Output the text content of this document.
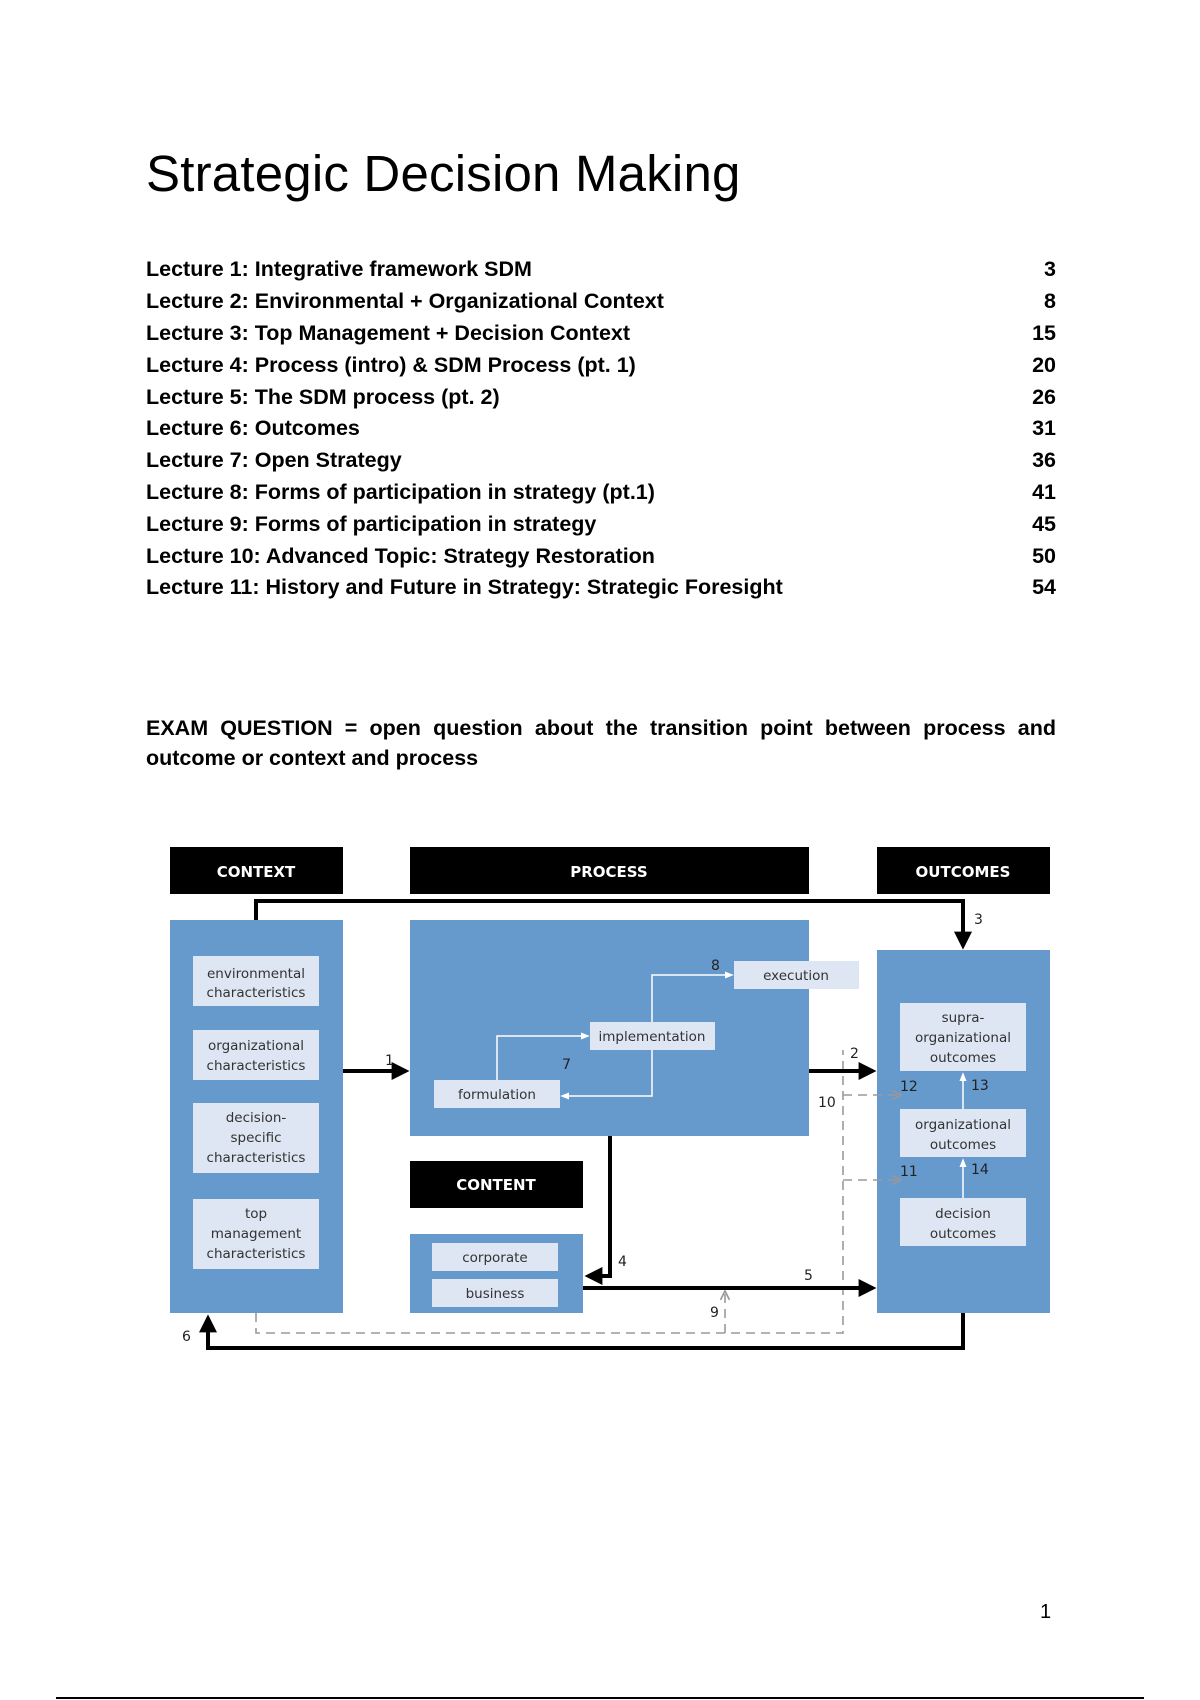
Strategic Decision Making
Lecture 1: Integrative framework SDM	3
Lecture 2: Environmental + Organizational Context	8
Lecture 3: Top Management + Decision Context	15
Lecture 4: Process (intro) & SDM Process (pt. 1)	20
Lecture 5: The SDM process (pt. 2)	26
Lecture 6: Outcomes	31
Lecture 7: Open Strategy	36
Lecture 8: Forms of participation in strategy (pt.1)	41
Lecture 9: Forms of participation in strategy	45
Lecture 10: Advanced Topic: Strategy Restoration	50
Lecture 11: History and Future in Strategy: Strategic Foresight	54

EXAM QUESTION = open question about the transition point between process and outcome or context and process

CONTEXT	PROCESS	OUTCOMES
CONTENT
environmental
characteristics
organizational
characteristics
decision-
specific
characteristics
top
management
characteristics
formulation
implementation
execution
corporate
business
supra-
organizational
outcomes
organizational
outcomes
decision
outcomes
1	2
3
4
5
6
7
8
9
10
11
12	13
14
1
